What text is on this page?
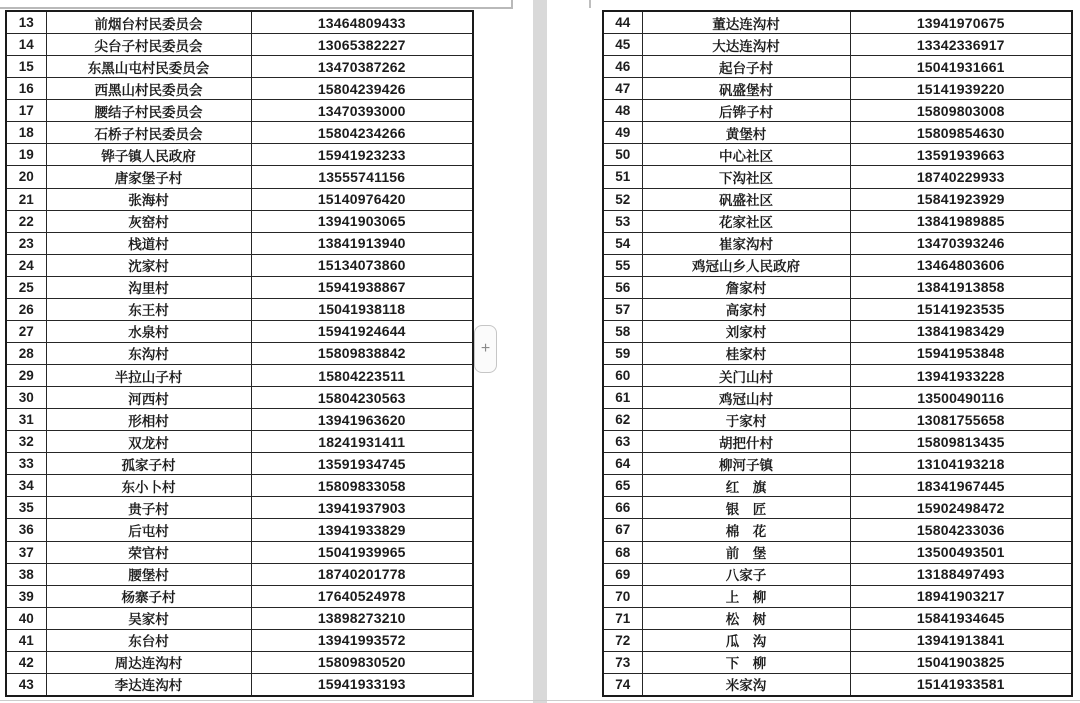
13	前烟台村民委员会	13464809433
14	尖台子村民委员会	13065382227
15	东黑山屯村民委员会	13470387262
16	西黑山村民委员会	15804239426
17	腰结子村民委员会	13470393000
18	石桥子村民委员会	15804234266
19	铧子镇人民政府	15941923233
20	唐家堡子村	13555741156
21	张海村	15140976420
22	灰窑村	13941903065
23	栈道村	13841913940
24	沈家村	15134073860
25	沟里村	15941938867
26	东王村	15041938118
27	水泉村	15941924644
28	东沟村	15809838842
29	半拉山子村	15804223511
30	河西村	15804230563
31	形相村	13941963620
32	双龙村	18241931411
33	孤家子村	13591934745
34	东小卜村	15809833058
35	贵子村	13941937903
36	后屯村	13941933829
37	荣官村	15041939965
38	腰堡村	18740201778
39	杨寨子村	17640524978
40	吴家村	13898273210
41	东台村	13941993572
42	周达连沟村	15809830520
43	李达连沟村	15941933193
44	董达连沟村	13941970675
45	大达连沟村	13342336917
46	起台子村	15041931661
47	矾盛堡村	15141939220
48	后铧子村	15809803008
49	黄堡村	15809854630
50	中心社区	13591939663
51	下沟社区	18740229933
52	矾盛社区	15841923929
53	花家社区	13841989885
54	崔家沟村	13470393246
55	鸡冠山乡人民政府	13464803606
56	詹家村	13841913858
57	高家村	15141923535
58	刘家村	13841983429
59	桂家村	15941953848
60	关门山村	13941933228
61	鸡冠山村	13500490116
62	于家村	13081755658
63	胡把什村	15809813435
64	柳河子镇	13104193218
65	红　旗	18341967445
66	银　匠	15902498472
67	棉　花	15804233036
68	前　堡	13500493501
69	八家子	13188497493
70	上　柳	18941903217
71	松　树	15841934645
72	瓜　沟	13941913841
73	下　柳	15041903825
74	米家沟	15141933581
+
